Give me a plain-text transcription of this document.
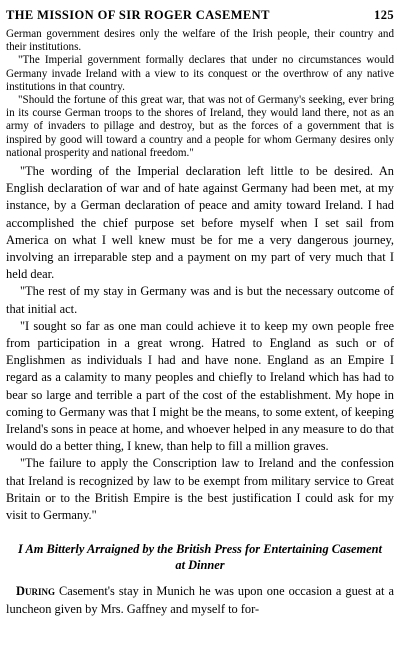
THE MISSION OF SIR ROGER CASEMENT	125

German government desires only the welfare of the Irish people, their country and their institutions.

"The Imperial government formally declares that under no circumstances would Germany invade Ireland with a view to its conquest or the overthrow of any native institutions in that country.

"Should the fortune of this great war, that was not of Germany's seeking, ever bring in its course German troops to the shores of Ireland, they would land there, not as an army of invaders to pillage and destroy, but as the forces of a government that is inspired by good will toward a country and a people for whom Germany desires only national prosperity and national freedom."

"The wording of the Imperial declaration left little to be desired. An English declaration of war and of hate against Germany had been met, at my instance, by a German declaration of peace and amity toward Ireland. I had accomplished the chief purpose set before myself when I set sail from America on what I well knew must be for me a very dangerous journey, involving an irreparable step and a payment on my part of very much that I held dear.

"The rest of my stay in Germany was and is but the necessary outcome of that initial act.

"I sought so far as one man could achieve it to keep my own people free from participation in a great wrong. Hatred to England as such or of Englishmen as individuals I had and have none. England as an Empire I regard as a calamity to many peoples and chiefly to Ireland which has had to bear so large and terrible a part of the cost of the establishment. My hope in coming to Germany was that I might be the means, to some extent, of keeping Ireland's sons in peace at home, and whoever helped in any measure to do that would do a better thing, I knew, than help to fill a million graves.

"The failure to apply the Conscription law to Ireland and the confession that Ireland is recognized by law to be exempt from military service to Great Britain or to the British Empire is the best justification I could ask for my visit to Germany."

I Am Bitterly Arraigned by the British Press for Entertaining Casement at Dinner

During Casement's stay in Munich he was upon one occasion a guest at a luncheon given by Mrs. Gaffney and myself to for-
